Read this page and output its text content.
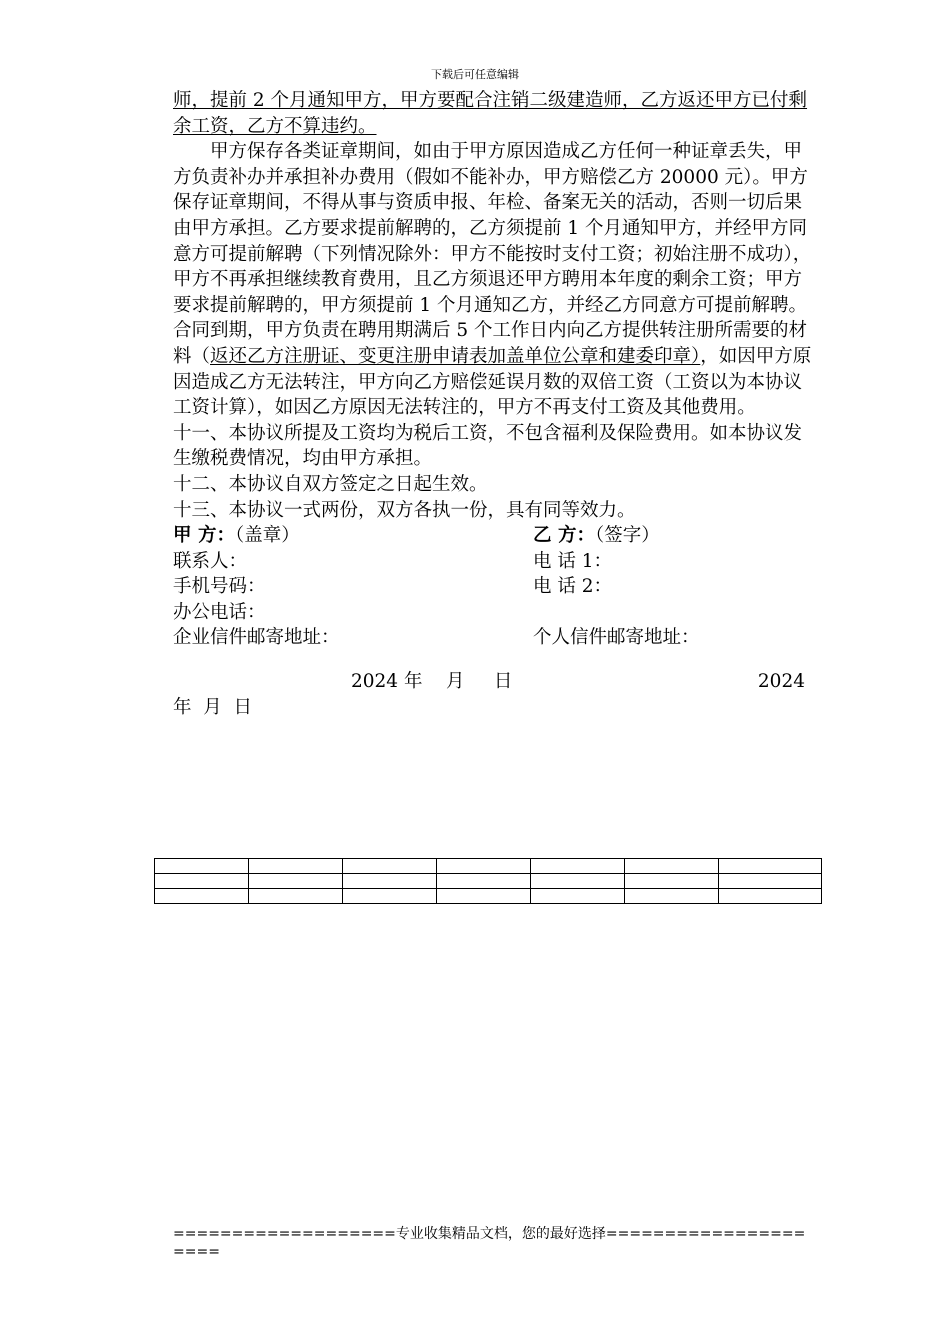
下载后可任意编辑

师，提前 2 个月通知甲方，甲方要配合注销二级建造师，乙方返还甲方已付剩余工资，乙方不算违约。

甲方保存各类证章期间，如由于甲方原因造成乙方任何一种证章丢失，甲方负责补办并承担补办费用（假如不能补办，甲方赔偿乙方 20000 元）。甲方保存证章期间，不得从事与资质申报、年检、备案无关的活动，否则一切后果由甲方承担。乙方要求提前解聘的，乙方须提前 1 个月通知甲方，并经甲方同意方可提前解聘（下列情况除外：甲方不能按时支付工资；初始注册不成功），甲方不再承担继续教育费用，且乙方须退还甲方聘用本年度的剩余工资；甲方要求提前解聘的，甲方须提前 1 个月通知乙方，并经乙方同意方可提前解聘。合同到期，甲方负责在聘用期满后 5 个工作日内向乙方提供转注册所需要的材料（返还乙方注册证、变更注册申请表加盖单位公章和建委印章），如因甲方原因造成乙方无法转注，甲方向乙方赔偿延误月数的双倍工资（工资以为本协议工资计算），如因乙方原因无法转注的，甲方不再支付工资及其他费用。

十一、本协议所提及工资均为税后工资，不包含福利及保险费用。如本协议发生缴税费情况，均由甲方承担。

十二、本协议自双方签定之日起生效。

十三、本协议一式两份，双方各执一份，具有同等效力。

甲 方：（盖章）	乙 方：（签字）
联系人：	电 话 1：
手机号码：	电 话 2：
办公电话：
企业信件邮寄地址：	个人信件邮寄地址：
2024 年    月     日	2024

年  月  日

===================专业收集精品文档，您的最好选择=====================
